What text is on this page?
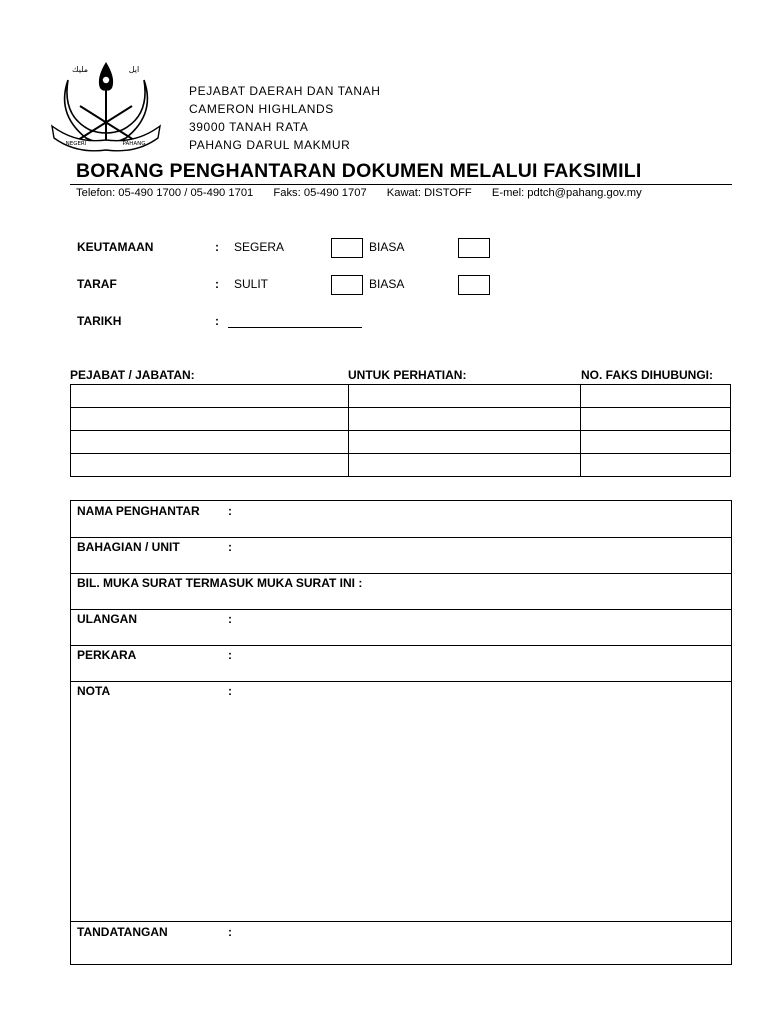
NEGERI	PAHANG
ﻣﻠﻴﻚ	ﺍﻳﻞ
PEJABAT DAERAH DAN TANAH
CAMERON HIGHLANDS
39000 TANAH RATA
PAHANG DARUL MAKMUR
BORANG PENGHANTARAN DOKUMEN MELALUI FAKSIMILI
Telefon: 05-490 1700 / 05-490 1701 Faks: 05-490 1707 Kawat: DISTOFF E-mel: pdtch@pahang.gov.my
KEUTAMAAN	: SEGERA	BIASA
TARAF	: SULIT	BIASA
TARIKH	:
PEJABAT / JABATAN:	UNTUK PERHATIAN:	NO. FAKS DIHUBUNGI:

NAMA PENGHANTAR :
BAHAGIAN / UNIT	:
BIL. MUKA SURAT TERMASUK MUKA SURAT INI :
ULANGAN	:
PERKARA	:
NOTA	:
TANDATANGAN	:
